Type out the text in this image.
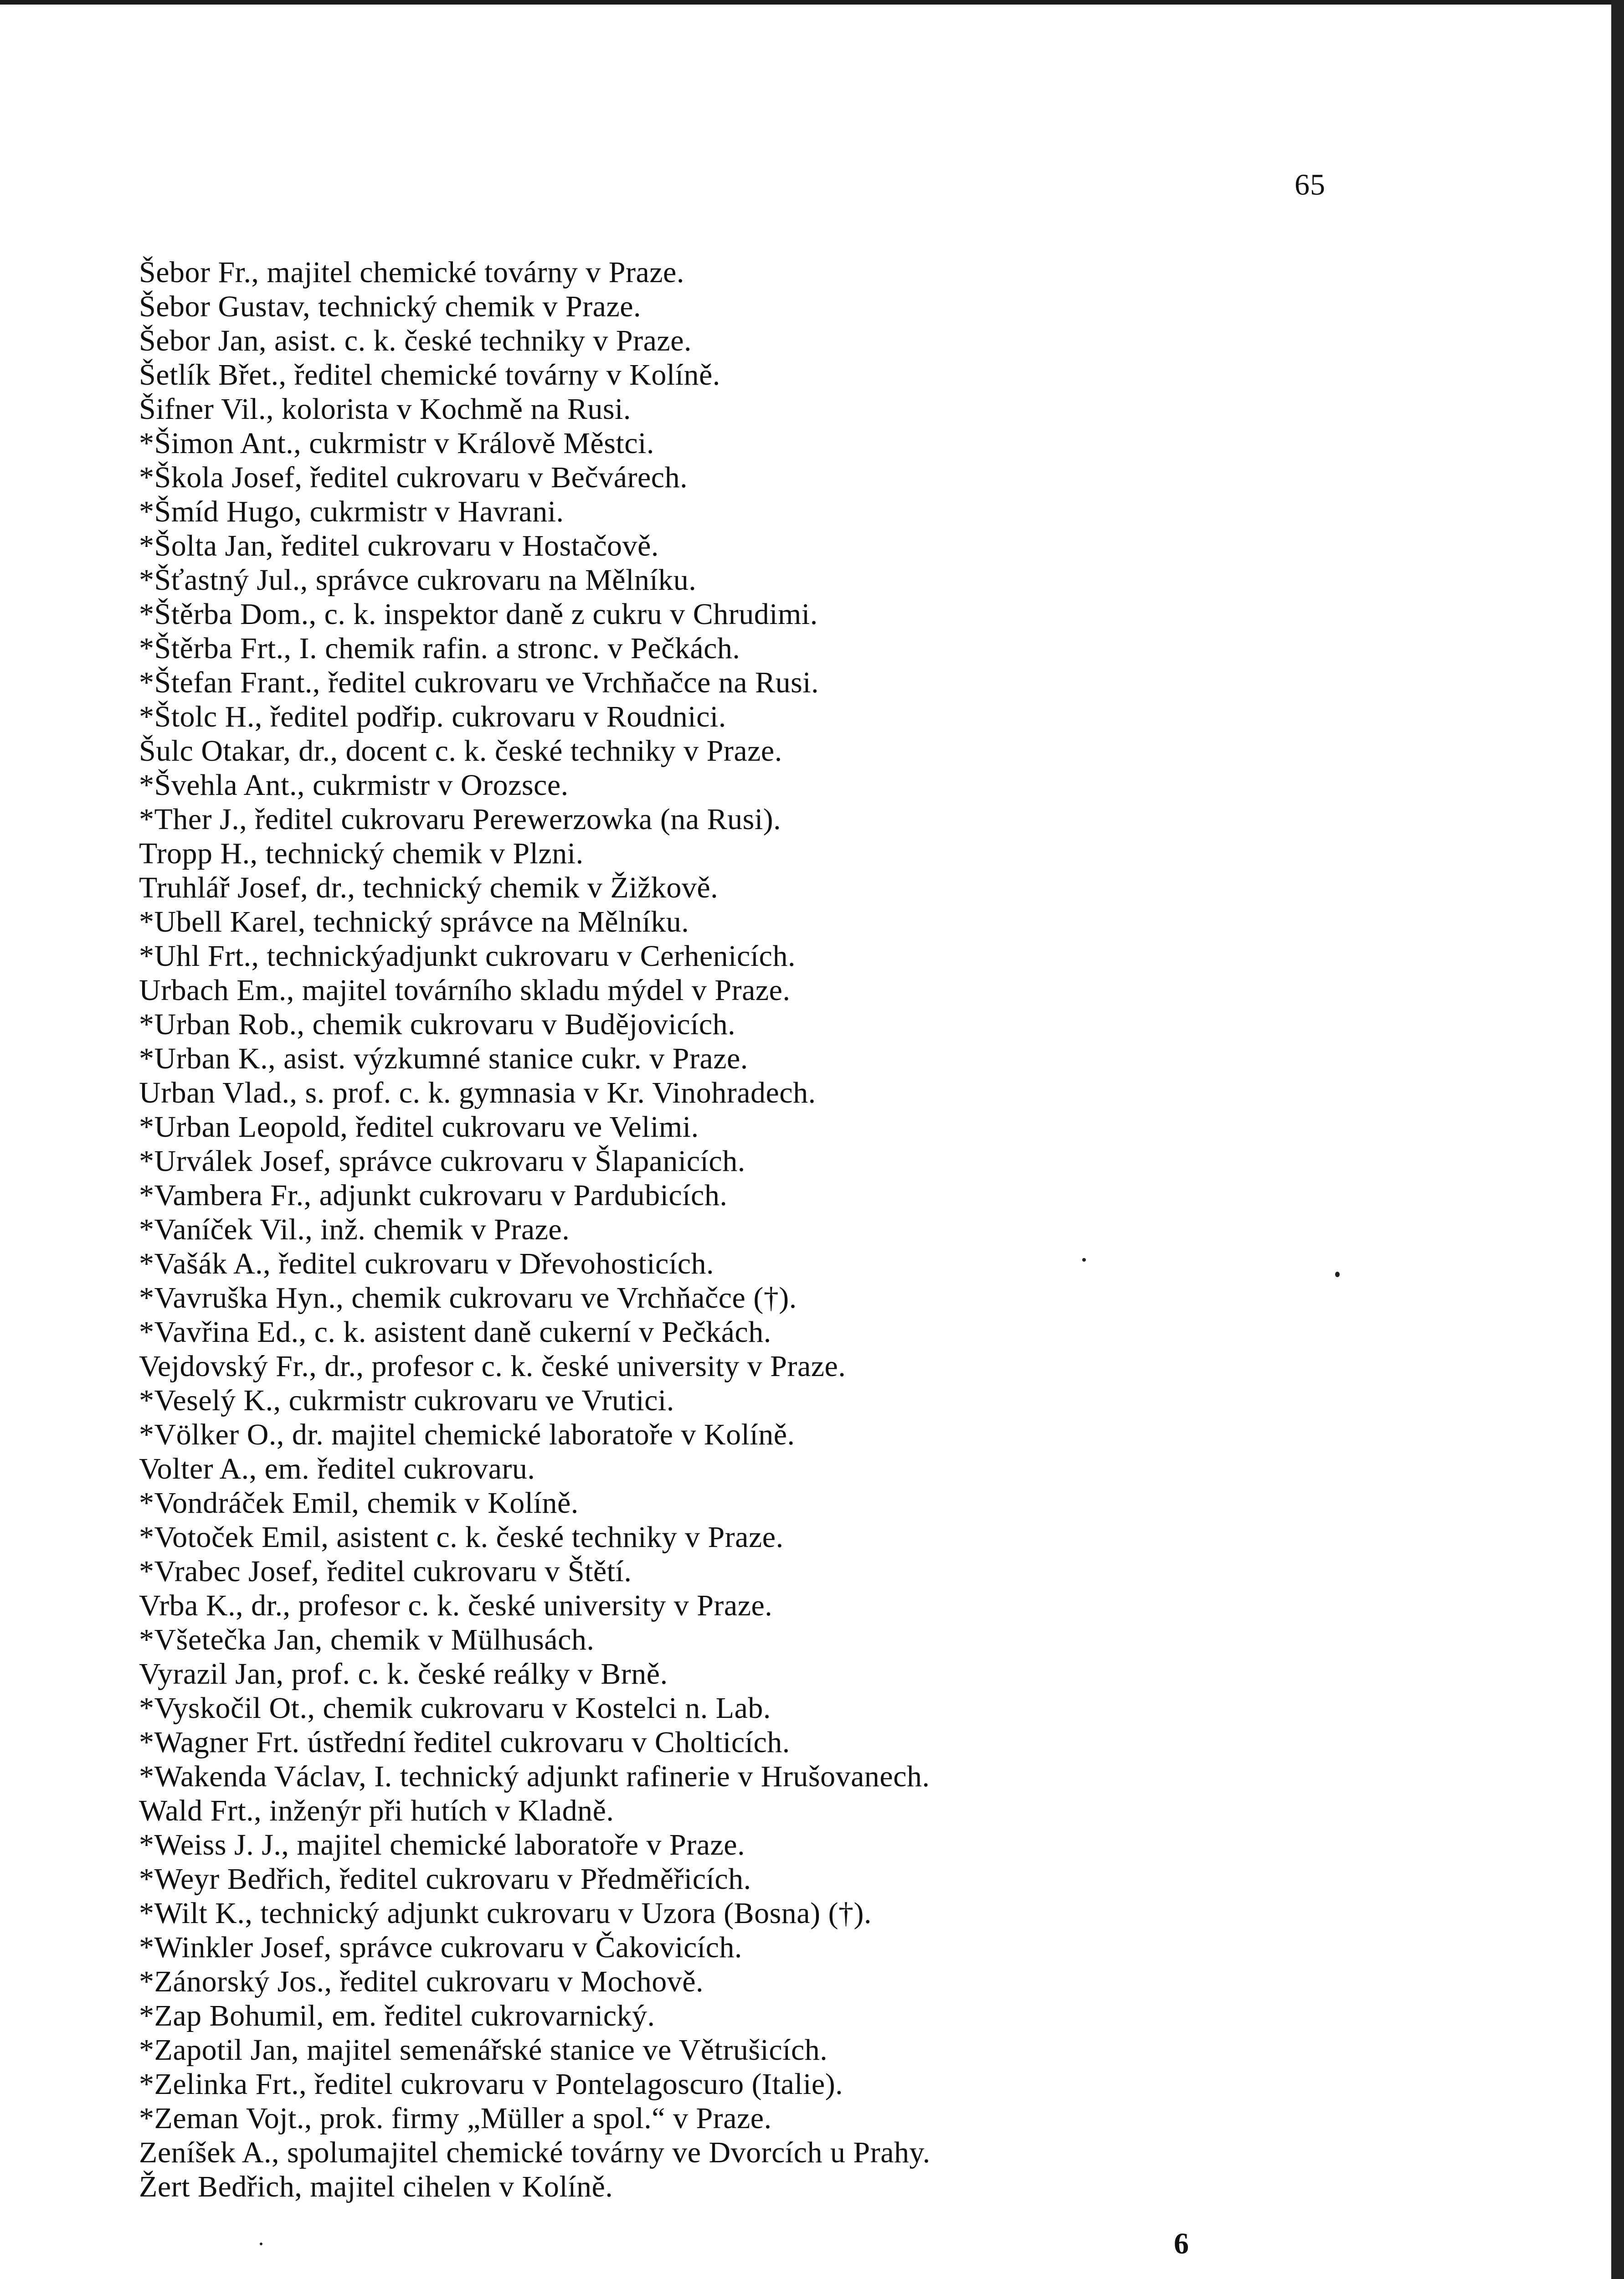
65
Šebor Fr., majitel chemické továrny v Praze.
Šebor Gustav, technický chemik v Praze.
Šebor Jan, asist. c. k. české techniky v Praze.
Šetlík Břet., ředitel chemické továrny v Kolíně.
Šifner Vil., kolorista v Kochmě na Rusi.
*Šimon Ant., cukrmistr v Králově Městci.
*Škola Josef, ředitel cukrovaru v Bečvárech.
*Šmíd Hugo, cukrmistr v Havrani.
*Šolta Jan, ředitel cukrovaru v Hostačově.
*Šťastný Jul., správce cukrovaru na Mělníku.
*Štěrba Dom., c. k. inspektor daně z cukru v Chrudimi.
*Štěrba Frt., I. chemik rafin. a stronc. v Pečkách.
*Štefan Frant., ředitel cukrovaru ve Vrchňačce na Rusi.
*Štolc H., ředitel podřip. cukrovaru v Roudnici.
Šulc Otakar, dr., docent c. k. české techniky v Praze.
*Švehla Ant., cukrmistr v Orozsce.
*Ther J., ředitel cukrovaru Perewerzowka (na Rusi).
Tropp H., technický chemik v Plzni.
Truhlář Josef, dr., technický chemik v Žižkově.
*Ubell Karel, technický správce na Mělníku.
*Uhl Frt., technickýadjunkt cukrovaru v Cerhenicích.
Urbach Em., majitel továrního skladu mýdel v Praze.
*Urban Rob., chemik cukrovaru v Budějovicích.
*Urban K., asist. výzkumné stanice cukr. v Praze.
Urban Vlad., s. prof. c. k. gymnasia v Kr. Vinohradech.
*Urban Leopold, ředitel cukrovaru ve Velimi.
*Urválek Josef, správce cukrovaru v Šlapanicích.
*Vambera Fr., adjunkt cukrovaru v Pardubicích.
*Vaníček Vil., inž. chemik v Praze.
*Vašák A., ředitel cukrovaru v Dřevohosticích.
*Vavruška Hyn., chemik cukrovaru ve Vrchňačce (†).
*Vavřina Ed., c. k. asistent daně cukerní v Pečkách.
Vejdovský Fr., dr., profesor c. k. české university v Praze.
*Veselý K., cukrmistr cukrovaru ve Vrutici.
*Völker O., dr. majitel chemické laboratoře v Kolíně.
Volter A., em. ředitel cukrovaru.
*Vondráček Emil, chemik v Kolíně.
*Votoček Emil, asistent c. k. české techniky v Praze.
*Vrabec Josef, ředitel cukrovaru v Štětí.
Vrba K., dr., profesor c. k. české university v Praze.
*Všetečka Jan, chemik v Mülhusách.
Vyrazil Jan, prof. c. k. české reálky v Brně.
*Vyskočil Ot., chemik cukrovaru v Kostelci n. Lab.
*Wagner Frt. ústřední ředitel cukrovaru v Cholticích.
*Wakenda Václav, I. technický adjunkt rafinerie v Hrušovanech.
Wald Frt., inženýr při hutích v Kladně.
*Weiss J. J., majitel chemické laboratoře v Praze.
*Weyr Bedřich, ředitel cukrovaru v Předměřicích.
*Wilt K., technický adjunkt cukrovaru v Uzora (Bosna) (†).
*Winkler Josef, správce cukrovaru v Čakovicích.
*Zánorský Jos., ředitel cukrovaru v Mochově.
*Zap Bohumil, em. ředitel cukrovarnický.
*Zapotil Jan, majitel semenářské stanice ve Větrušicích.
*Zelinka Frt., ředitel cukrovaru v Pontelagoscuro (Italie).
*Zeman Vojt., prok. firmy „Müller a spol.“ v Praze.
Zeníšek A., spolumajitel chemické továrny ve Dvorcích u Prahy.
Žert Bedřich, majitel cihelen v Kolíně.
6
